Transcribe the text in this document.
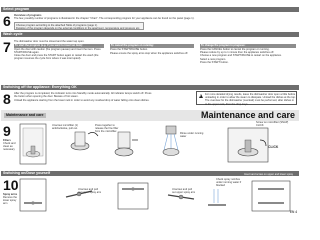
Select program
6 Overview of programs
The few, possibly number of programs is illustrated in the chapter "Chart". The corresponding program for your appliance can be found on the panel (page 1).
Choose program according to the attached Table of programs (page 1).
Duration of the program depends on the external conditions in the apartment, temperature and pressure etc.
Wash cycle
7 The dishwasher door must be closed and the water tap open.
To start the program (e.g. if you want to insert an item):
Open the door with caution (the program pauses) and insert the item. Press START/PAUSE again.
Close the door and press the START button again to restart the wash (the program resumes the cycle from where it was interrupted).
To cancel the program on running:
Press the START/PAUSE button.
Please ensure the spray arms stop when the appliance switches off.
To change the program in progress:
Press the CANCEL button to cancel the program on running.
Please reduce by up to 1 minute then the appliance switches off.
Choose a new program and START/PAUSE to restart on the appliance.
Select a new program.
Press the START button.
Switching off the appliance: Everything OK
8 After the program is completed, the indicator turns into Standby mode automatically. All indicator lamps switch off. Press the button when opening the door. Beware of hot steam.
Unload the appliance starting from the lower rack in order to avoid any residual drop of water falling onto clean dishes.
!
For more detailed drying results, leave the dishwasher door open a little before unloading in order to allow the steam to dissipate. Unload the dishes at the top. The overview for the dishwasher (overleaf) must be performed, after dishes in to the upper rack, then the drop trays.
Maintenance and care	Maintenance and care
9
Filters
Check and clean as necessary
Unscrew microfilter (1) anticlockwise, pull out.
Press together to release the fine filter from the microfilter.
Rinse under running water
Screw on microfilter (SNAP) CLICK
CLICK
Switching on/Dose yourself
10
Spray arms
Remove the lower spray arm
Unscrew and pull out upper spray arm
Unscrew and pull out upper spray arm
Check spray nozzles under running water if blocked
Insert and screw on upper and lower spray arms
EN 4
